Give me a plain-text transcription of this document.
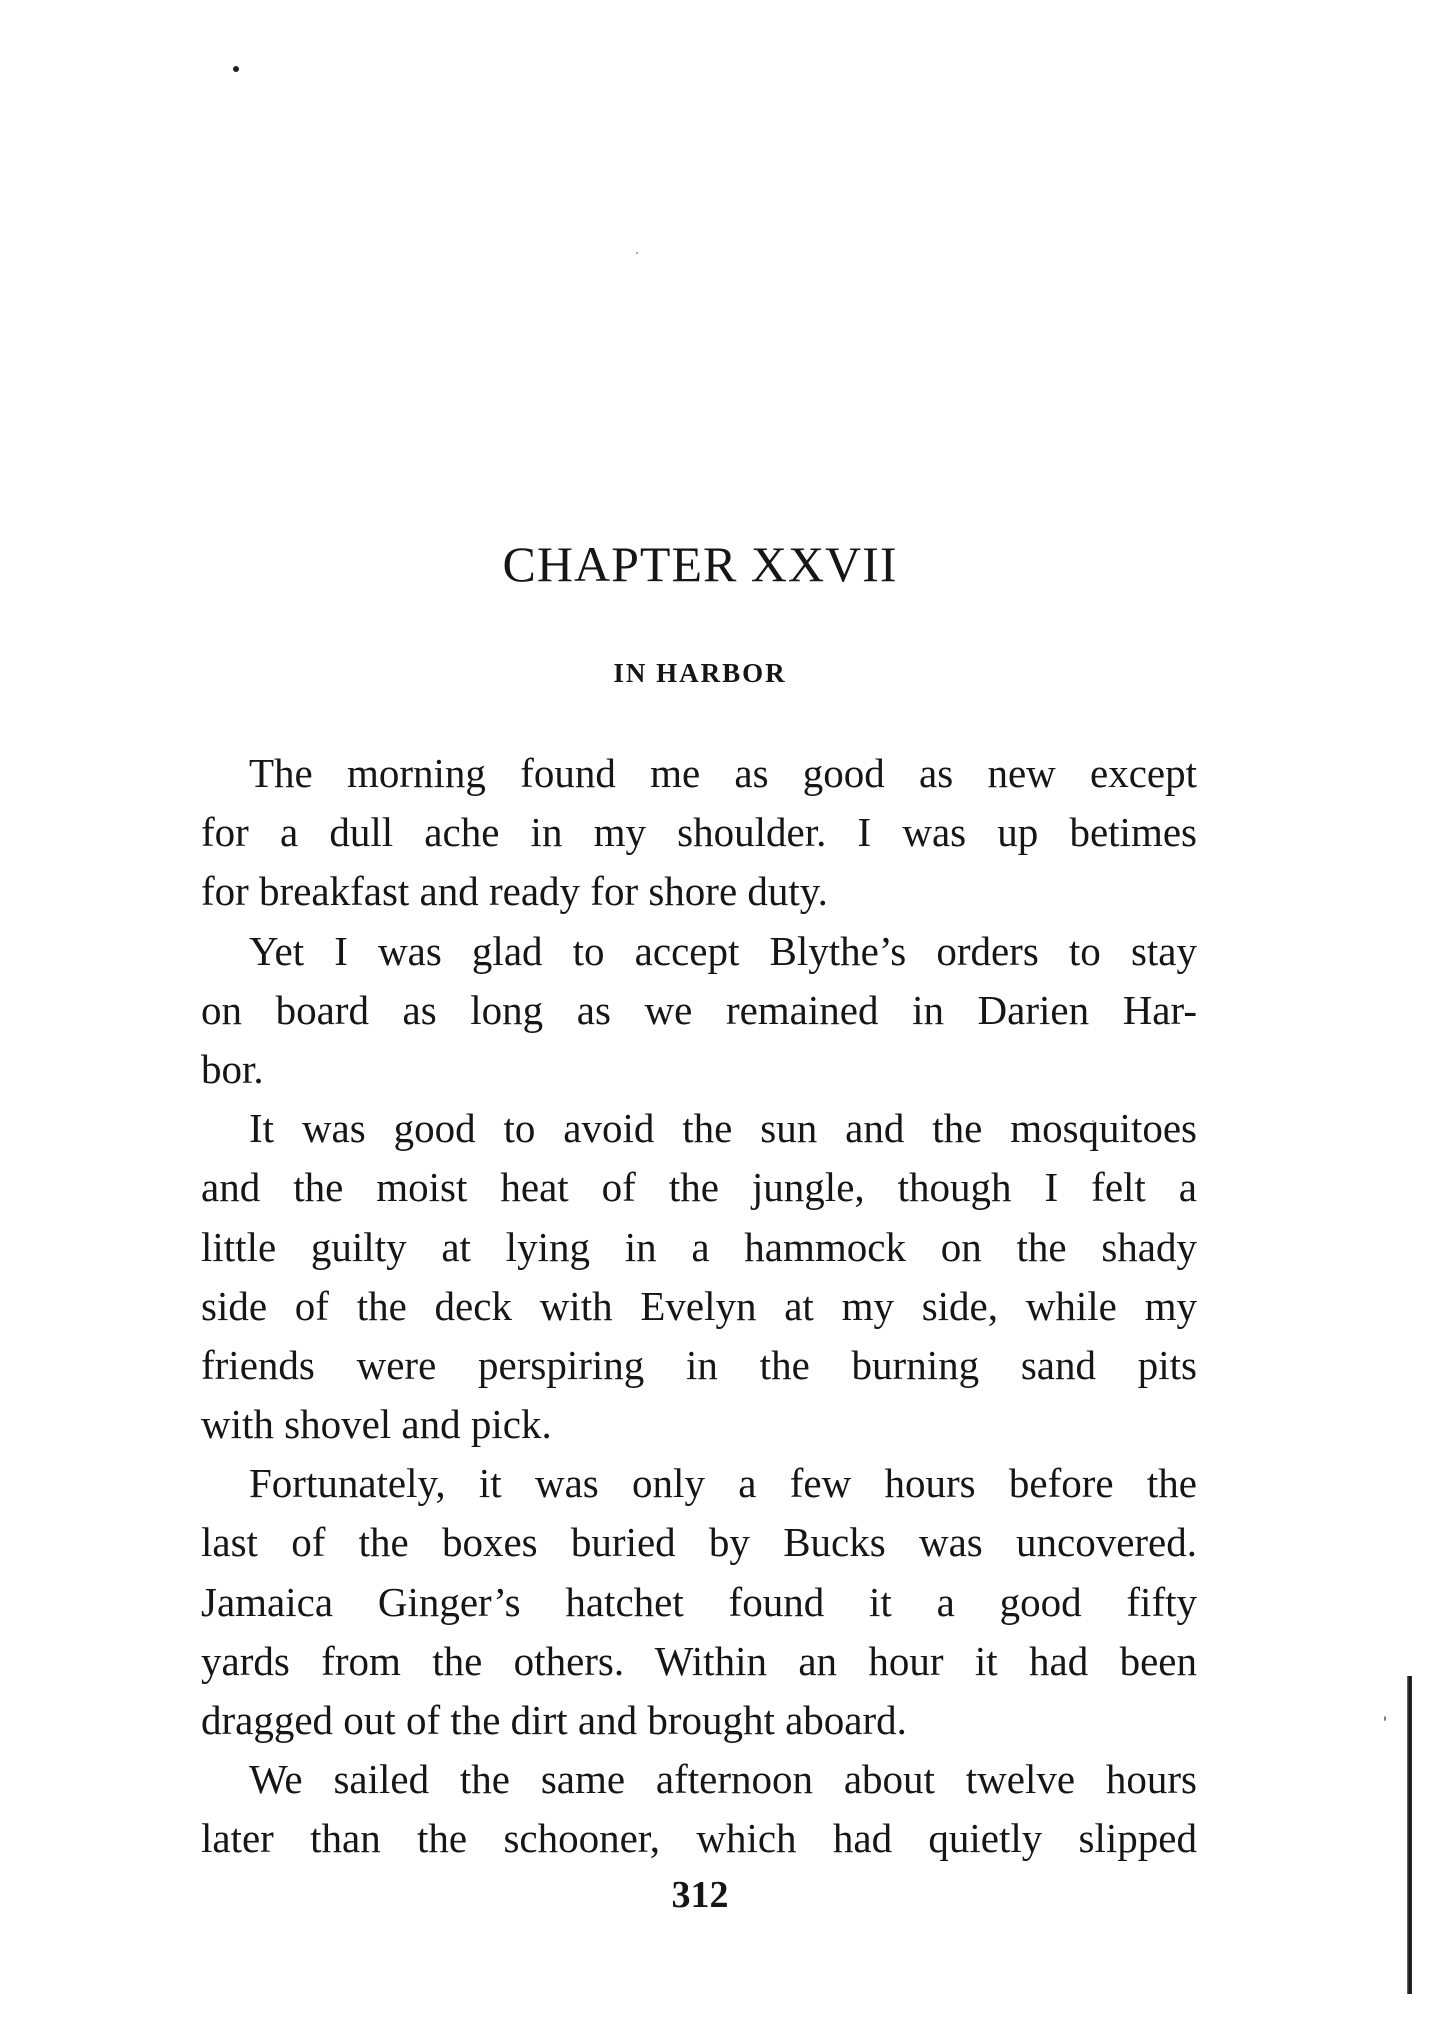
CHAPTER XXVII
IN HARBOR
The morning found me as good as new except
for a dull ache in my shoulder. I was up betimes
for breakfast and ready for shore duty.
Yet I was glad to accept Blythe’s orders to stay
on board as long as we remained in Darien Har-
bor.
It was good to avoid the sun and the mosquitoes
and the moist heat of the jungle, though I felt a
little guilty at lying in a hammock on the shady
side of the deck with Evelyn at my side, while my
friends were perspiring in the burning sand pits
with shovel and pick.
Fortunately, it was only a few hours before the
last of the boxes buried by Bucks was uncovered.
Jamaica Ginger’s hatchet found it a good fifty
yards from the others. Within an hour it had been
dragged out of the dirt and brought aboard.
We sailed the same afternoon about twelve hours
later than the schooner, which had quietly slipped
312
